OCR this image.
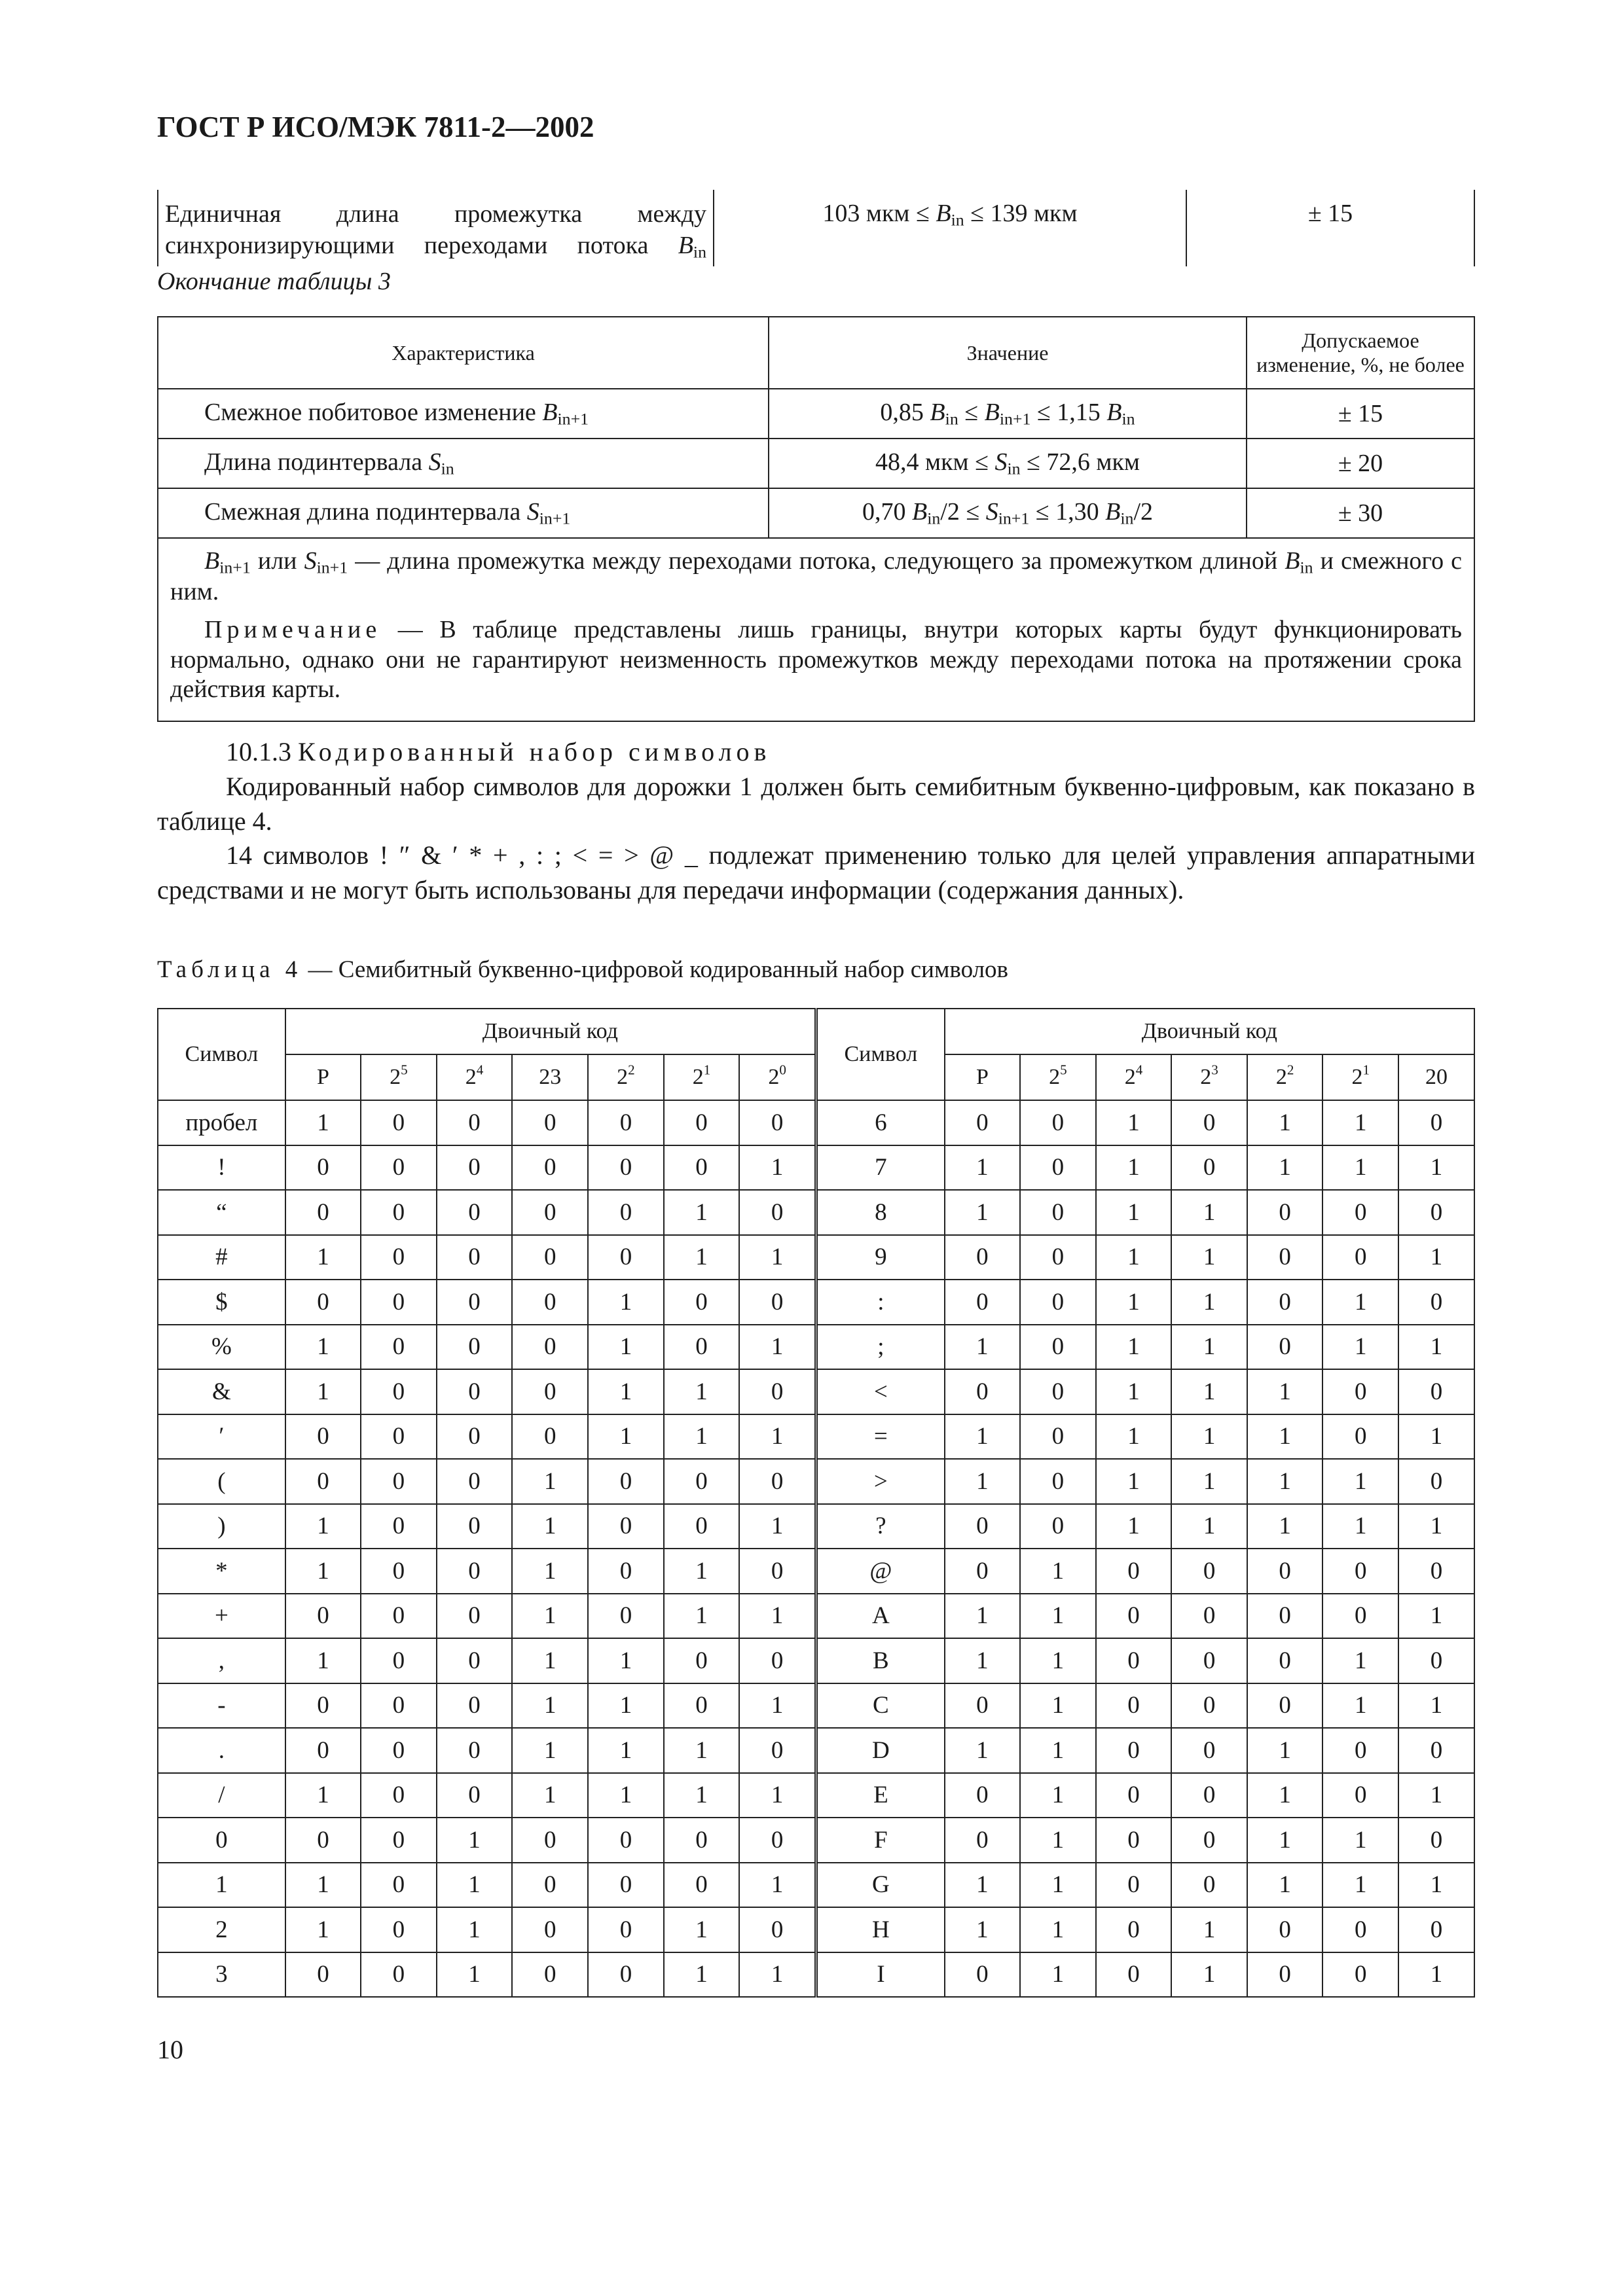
ГОСТ Р ИСО/МЭК 7811-2—2002
Единичная длина промежутка между синхронизирующими переходами потока $B_{in}$	103 мкм ≤ $B_{in} \le 139$ мкм	± 15
Окончание таблицы 3
Характеристика	Значение	Допускаемое изменение, %, не более
Смежное побитовое изменение $B_{in+1}$	0,85 $B_{in} \le B_{in+1} \le 1,15$ $B_{in}$	± 15
Длина подинтервала $S_{in}$	48,4 мкм ≤ $S_{in} \le 72,6$ мкм	± 20
Смежная длина подинтервала $S_{in+1}$	0,70 $B_{in}/2 \le S_{in+1} \le 1,30$ $B_{in}/2$	± 30

$B_{in+1}$ или $S_{in+1}$ — длина промежутка между переходами потока, следующего за промежутком длиной $B_{in}$ и смежного с ним.

Примечание — В таблице представлены лишь границы, внутри которых карты будут функционировать нормально, однако они не гарантируют неизменность промежутков между переходами потока на протяжении срока действия карты.		

10.1.3 Кодированный набор символов

Кодированный набор символов для дорожки 1 должен быть семибитным буквенно-цифровым, как показано в таблице 4.

14 символов ! ″ & ′ * + , : ; < = > @ _ подлежат применению только для целей управления аппаратными средствами и не могут быть использованы для передачи информации (содержания данных).

Таблица 4 — Семибитный буквенно-цифровой кодированный набор символов
Символ	Двоичный код							Символ	Двоичный код						
	P	$2^5$	$2^4$	23	$2^2$	$2^1$	$2^0$		P	$2^5$	$2^4$	$2^3$	$2^2$	$2^1$	20
пробел	1	0	0	0	0	0	0	6	0	0	1	0	1	1	0
!	0	0	0	0	0	0	1	7	1	0	1	0	1	1	1
“	0	0	0	0	0	1	0	8	1	0	1	1	0	0	0
#	1	0	0	0	0	1	1	9	0	0	1	1	0	0	1
$	0	0	0	0	1	0	0	:	0	0	1	1	0	1	0
%	1	0	0	0	1	0	1	;	1	0	1	1	0	1	1
&	1	0	0	0	1	1	0	<	0	0	1	1	1	0	0
′	0	0	0	0	1	1	1	=	1	0	1	1	1	0	1
(	0	0	0	1	0	0	0	>	1	0	1	1	1	1	0
)	1	0	0	1	0	0	1	?	0	0	1	1	1	1	1
*	1	0	0	1	0	1	0	@	0	1	0	0	0	0	0
+	0	0	0	1	0	1	1	A	1	1	0	0	0	0	1
,	1	0	0	1	1	0	0	B	1	1	0	0	0	1	0
-	0	0	0	1	1	0	1	C	0	1	0	0	0	1	1
.	0	0	0	1	1	1	0	D	1	1	0	0	1	0	0
/	1	0	0	1	1	1	1	E	0	1	0	0	1	0	1
0	0	0	1	0	0	0	0	F	0	1	0	0	1	1	0
1	1	0	1	0	0	0	1	G	1	1	0	0	1	1	1
2	1	0	1	0	0	1	0	H	1	1	0	1	0	0	0
3	0	0	1	0	0	1	1	I	0	1	0	1	0	0	1
10
